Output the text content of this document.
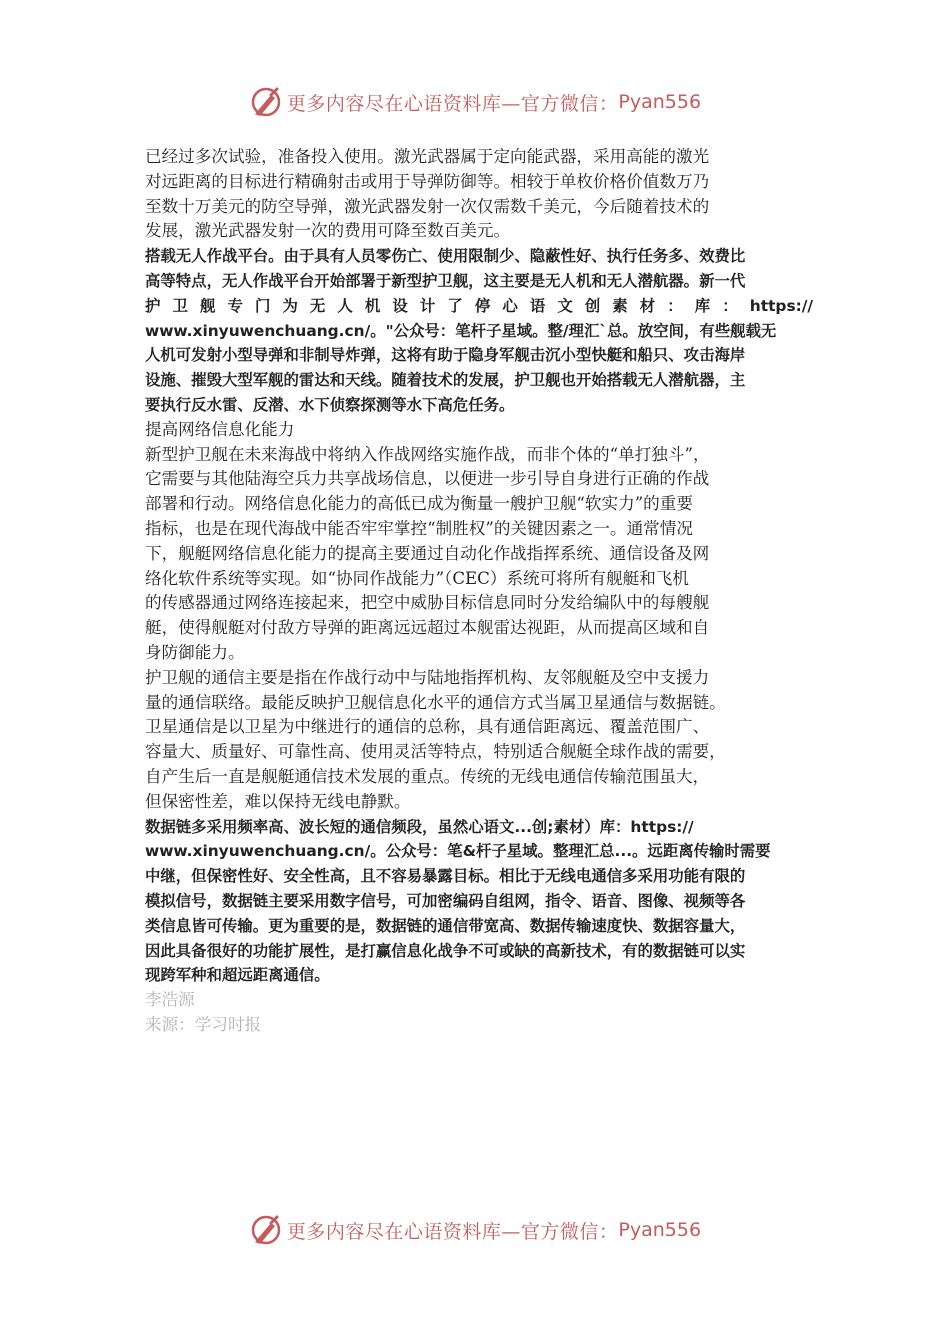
更多内容尽在心语资料库—官方微信： Pyan556
已经过多次试验，准备投入使用。激光武器属于定向能武器，采用高能的激光
对远距离的目标进行精确射击或用于导弹防御等。相较于单枚价格价值数万乃
至数十万美元的防空导弹，激光武器发射一次仅需数千美元，今后随着技术的
发展，激光武器发射一次的费用可降至数百美元。
搭载无人作战平台。由于具有人员零伤亡、使用限制少、隐蔽性好、执行任务多、效费比
高等特点，无人作战平台开始部署于新型护卫舰，这主要是无人机和无人潜航器。新一代
护卫舰专门为无人机设计了停心语文创素材：库：https://
www.xinyuwenchuang.cn/。"公众号：笔杆子星域。整/理汇`总。放空间，有些舰载无
人机可发射小型导弹和非制导炸弹，这将有助于隐身军舰击沉小型快艇和船只、攻击海岸
设施、摧毁大型军舰的雷达和天线。随着技术的发展，护卫舰也开始搭载无人潜航器，主
要执行反水雷、反潜、水下侦察探测等水下高危任务。
提高网络信息化能力
新型护卫舰在未来海战中将纳入作战网络实施作战，而非个体的“单打独斗”，
它需要与其他陆海空兵力共享战场信息，以便进一步引导自身进行正确的作战
部署和行动。网络信息化能力的高低已成为衡量一艘护卫舰“软实力”的重要
指标，也是在现代海战中能否牢牢掌控“制胜权”的关键因素之一。通常情况
下，舰艇网络信息化能力的提高主要通过自动化作战指挥系统、通信设备及网
络化软件系统等实现。如“协同作战能力”（CEC）系统可将所有舰艇和飞机
的传感器通过网络连接起来，把空中威胁目标信息同时分发给编队中的每艘舰
艇，使得舰艇对付敌方导弹的距离远远超过本舰雷达视距，从而提高区域和自
身防御能力。
护卫舰的通信主要是指在作战行动中与陆地指挥机构、友邻舰艇及空中支援力
量的通信联络。最能反映护卫舰信息化水平的通信方式当属卫星通信与数据链。
卫星通信是以卫星为中继进行的通信的总称，具有通信距离远、覆盖范围广、
容量大、质量好、可靠性高、使用灵活等特点，特别适合舰艇全球作战的需要，
自产生后一直是舰艇通信技术发展的重点。传统的无线电通信传输范围虽大，
但保密性差，难以保持无线电静默。
数据链多采用频率高、波长短的通信频段，虽然心语文...创;素材）库：https://
www.xinyuwenchuang.cn/。公众号：笔&杆子星域。整理汇总...。远距离传输时需要
中继，但保密性好、安全性高，且不容易暴露目标。相比于无线电通信多采用功能有限的
模拟信号，数据链主要采用数字信号，可加密编码自组网，指令、语音、图像、视频等各
类信息皆可传输。更为重要的是，数据链的通信带宽高、数据传输速度快、数据容量大，
因此具备很好的功能扩展性，是打赢信息化战争不可或缺的高新技术，有的数据链可以实
现跨军种和超远距离通信。
李浩源
来源：学习时报
更多内容尽在心语资料库—官方微信： Pyan556
